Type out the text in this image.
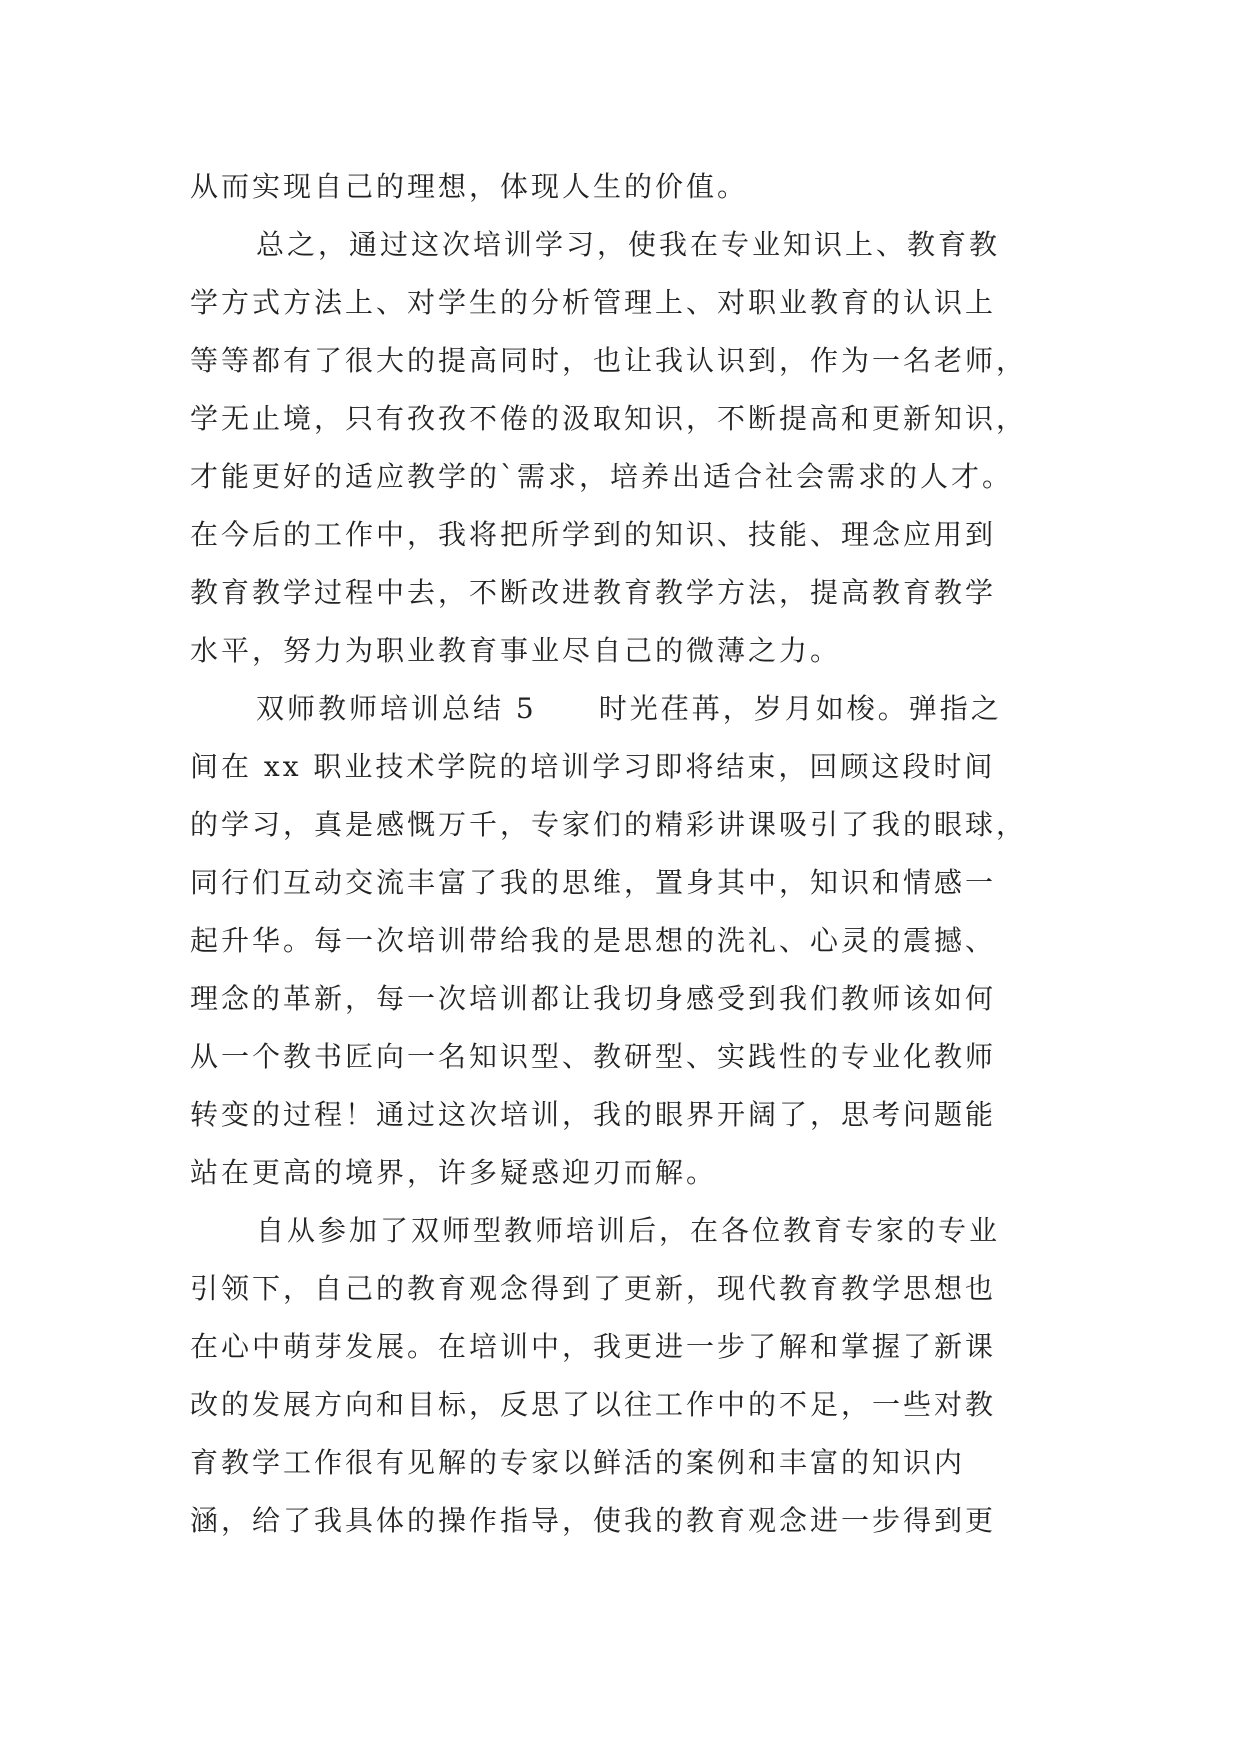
从而实现自己的理想，体现人生的价值。
总之，通过这次培训学习，使我在专业知识上、教育教
学方式方法上、对学生的分析管理上、对职业教育的认识上
等等都有了很大的提高同时，也让我认识到，作为一名老师，
学无止境，只有孜孜不倦的汲取知识，不断提高和更新知识，
才能更好的适应教学的`需求，培养出适合社会需求的人才。
在今后的工作中，我将把所学到的知识、技能、理念应用到
教育教学过程中去，不断改进教育教学方法，提高教育教学
水平，努力为职业教育事业尽自己的微薄之力。
双师教师培训总结 5　　时光荏苒，岁月如梭。弹指之
间在 xx 职业技术学院的培训学习即将结束，回顾这段时间
的学习，真是感慨万千，专家们的精彩讲课吸引了我的眼球，
同行们互动交流丰富了我的思维，置身其中，知识和情感一
起升华。每一次培训带给我的是思想的洗礼、心灵的震撼、
理念的革新，每一次培训都让我切身感受到我们教师该如何
从一个教书匠向一名知识型、教研型、实践性的专业化教师
转变的过程！通过这次培训，我的眼界开阔了，思考问题能
站在更高的境界，许多疑惑迎刃而解。
自从参加了双师型教师培训后，在各位教育专家的专业
引领下，自己的教育观念得到了更新，现代教育教学思想也
在心中萌芽发展。在培训中，我更进一步了解和掌握了新课
改的发展方向和目标，反思了以往工作中的不足，一些对教
育教学工作很有见解的专家以鲜活的案例和丰富的知识内
涵，给了我具体的操作指导，使我的教育观念进一步得到更
